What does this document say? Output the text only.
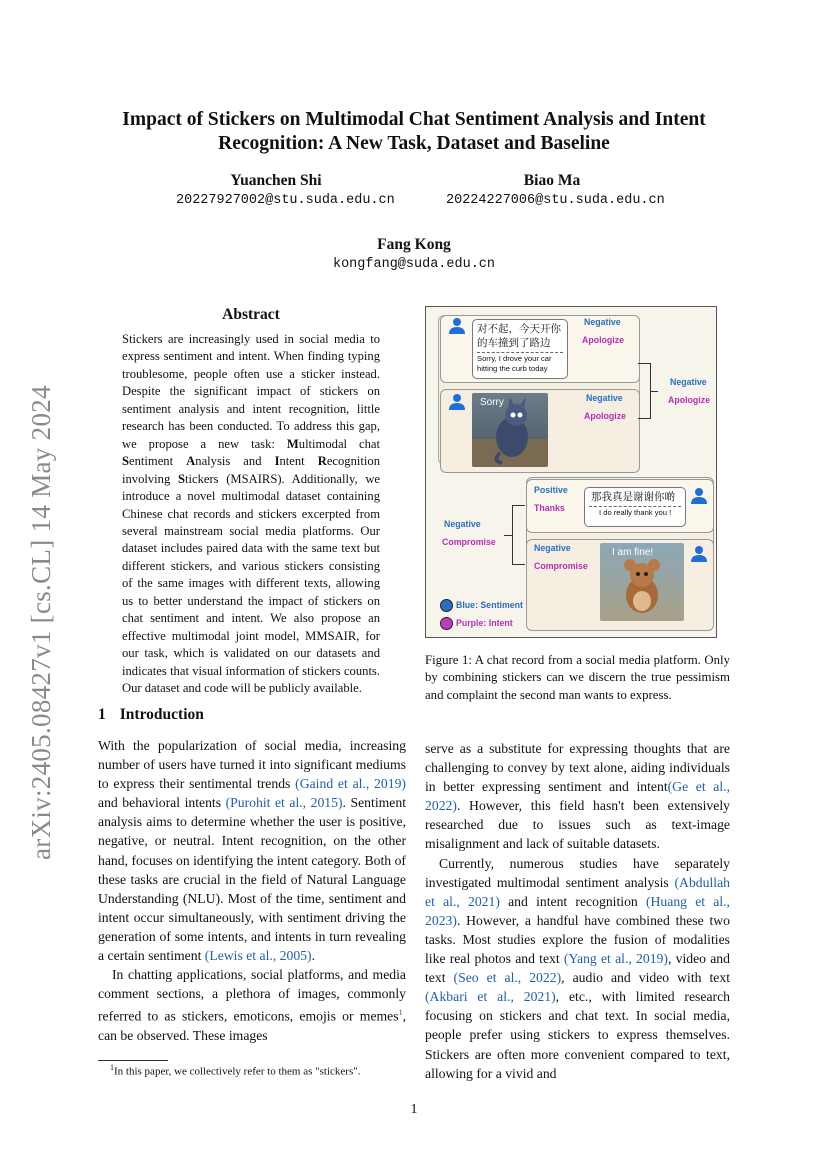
arXiv:2405.08427v1 [cs.CL] 14 May 2024
Impact of Stickers on Multimodal Chat Sentiment Analysis and Intent Recognition: A New Task, Dataset and Baseline
Yuanchen Shi
20227927002@stu.suda.edu.cn
Biao Ma
20224227006@stu.suda.edu.cn
Fang Kong
kongfang@suda.edu.cn
Abstract
Stickers are increasingly used in social media to express sentiment and intent. When finding typing troublesome, people often use a sticker instead. Despite the significant impact of stickers on sentiment analysis and intent recognition, little research has been conducted. To address this gap, we propose a new task: Multimodal chat Sentiment Analysis and Intent Recognition involving Stickers (MSAIRS). Additionally, we introduce a novel multimodal dataset containing Chinese chat records and stickers excerpted from several mainstream social media platforms. Our dataset includes paired data with the same text but different stickers, and various stickers consisting of the same images with different texts, allowing us to better understand the impact of stickers on chat sentiment and intent. We also propose an effective multimodal joint model, MMSAIR, for our task, which is validated on our datasets and indicates that visual information of stickers counts. Our dataset and code will be publicly available.
1 Introduction

With the popularization of social media, increasing number of users have turned it into significant mediums to express their sentimental trends (Gaind et al., 2019) and behavioral intents (Purohit et al., 2015). Sentiment analysis aims to determine whether the user is positive, negative, or neutral. Intent recognition, on the other hand, focuses on identifying the intent category. Both of these tasks are crucial in the field of Natural Language Understanding (NLU). Most of the time, sentiment and intent occur simultaneously, with sentiment driving the generation of some intents, and intents in turn revealing a certain sentiment (Lewis et al., 2005).

In chatting applications, social platforms, and media comment sections, a plethora of images, commonly referred to as stickers, emoticons, emojis or memes$^1$, can be observed. These images

$^1$In this paper, we collectively refer to them as "stickers".

serve as a substitute for expressing thoughts that are challenging to convey by text alone, aiding individuals in better expressing sentiment and intent(Ge et al., 2022). However, this field hasn't been extensively researched due to issues such as text-image misalignment and lack of suitable datasets.

Currently, numerous studies have separately investigated multimodal sentiment analysis (Abdullah et al., 2021) and intent recognition (Huang et al., 2023). However, a handful have combined these two tasks. Most studies explore the fusion of modalities like real photos and text (Yang et al., 2019), video and text (Seo et al., 2022), audio and video with text (Akbari et al., 2021), etc., with limited research focusing on stickers and chat text. In social media, people prefer using stickers to express themselves. Stickers are often more convenient compared to text, allowing for a vivid and

对不起，今天开你
的车撞到了路边
Sorry, I drove your car
hitting the curb today
Negative
Apologize
Sorry	Negative
Apologize
Negative
Apologize
Positive
Thanks
那我真是谢谢你啲
I do really thank you !
Negative
Compromise
I am fine!
Negative
Compromise
Blue: Sentiment
Purple: Intent
Figure 1: A chat record from a social media platform. Only by combining stickers can we discern the true pessimism and complaint the second man wants to express.
1
